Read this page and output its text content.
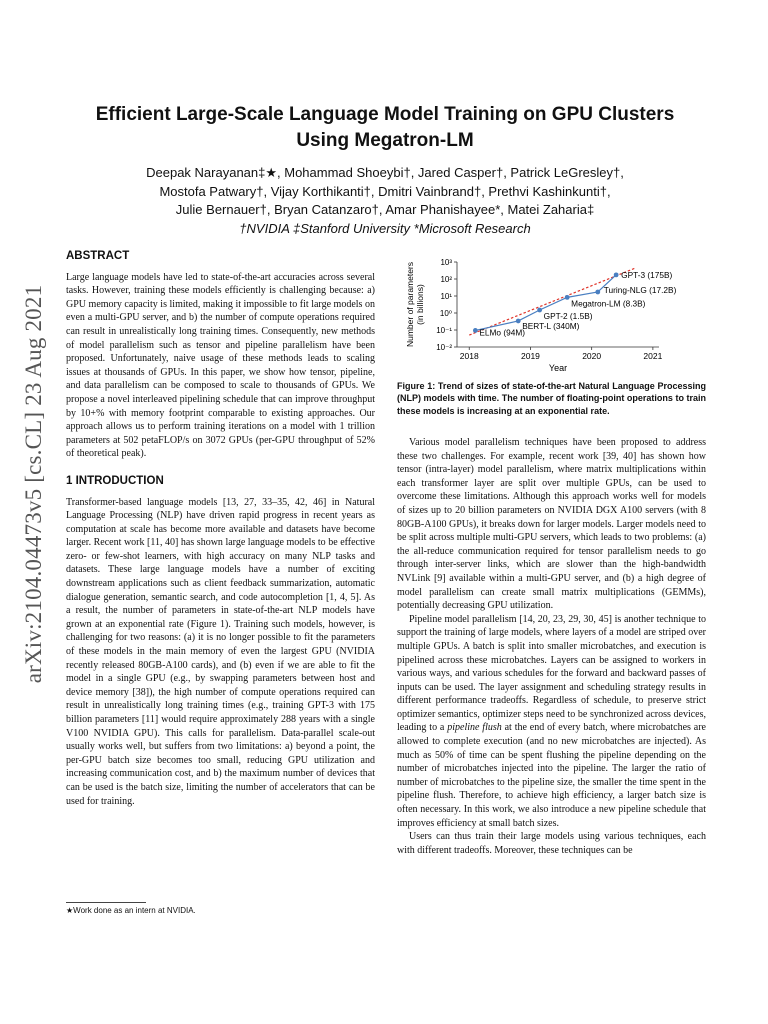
arXiv:2104.04473v5 [cs.CL] 23 Aug 2021
Efficient Large-Scale Language Model Training on GPU Clusters
Using Megatron-LM
Deepak Narayanan‡★, Mohammad Shoeybi†, Jared Casper†, Patrick LeGresley†,
Mostofa Patwary†, Vijay Korthikanti†, Dmitri Vainbrand†, Prethvi Kashinkunti†,
Julie Bernauer†, Bryan Catanzaro†, Amar Phanishayee*, Matei Zaharia‡
†NVIDIA ‡Stanford University *Microsoft Research
ABSTRACT

Large language models have led to state-of-the-art accuracies across several tasks. However, training these models efficiently is challenging because: a) GPU memory capacity is limited, making it impossible to fit large models on even a multi-GPU server, and b) the number of compute operations required can result in unrealistically long training times. Consequently, new methods of model parallelism such as tensor and pipeline parallelism have been proposed. Unfortunately, naive usage of these methods leads to scaling issues at thousands of GPUs. In this paper, we show how tensor, pipeline, and data parallelism can be composed to scale to thousands of GPUs. We propose a novel interleaved pipelining schedule that can improve throughput by 10+% with memory footprint comparable to existing approaches. Our approach allows us to perform training iterations on a model with 1 trillion parameters at 502 petaFLOP/s on 3072 GPUs (per-GPU throughput of 52% of theoretical peak).

1 INTRODUCTION

Transformer-based language models [13, 27, 33–35, 42, 46] in Natural Language Processing (NLP) have driven rapid progress in recent years as computation at scale has become more available and datasets have become larger. Recent work [11, 40] has shown large language models to be effective zero- or few-shot learners, with high accuracy on many NLP tasks and datasets. These large language models have a number of exciting downstream applications such as client feedback summarization, automatic dialogue generation, semantic search, and code autocompletion [1, 4, 5]. As a result, the number of parameters in state-of-the-art NLP models have grown at an exponential rate (Figure 1). Training such models, however, is challenging for two reasons: (a) it is no longer possible to fit the parameters of these models in the main memory of even the largest GPU (NVIDIA recently released 80GB-A100 cards), and (b) even if we are able to fit the model in a single GPU (e.g., by swapping parameters between host and device memory [38]), the high number of compute operations required can result in unrealistically long training times (e.g., training GPT-3 with 175 billion parameters [11] would require approximately 288 years with a single V100 NVIDIA GPU). This calls for parallelism. Data-parallel scale-out usually works well, but suffers from two limitations: a) beyond a point, the per-GPU batch size becomes too small, reducing GPU utilization and increasing communication cost, and b) the maximum number of devices that can be used is the batch size, limiting the number of accelerators that can be used for training.

★Work done as an intern at NVIDIA.
10⁻²
10⁻¹
10⁰
10¹
10²
10³
2018	2019	2020	2021
ELMo (94M)
BERT-L (340M)
GPT-2 (1.5B)
Megatron-LM (8.3B)
Turing-NLG (17.2B)
GPT-3 (175B)
Number of parameters (in billions)
Year
Figure 1: Trend of sizes of state-of-the-art Natural Language Processing (NLP) models with time. The number of floating-point operations to train these models is increasing at an exponential rate.

Various model parallelism techniques have been proposed to address these two challenges. For example, recent work [39, 40] has shown how tensor (intra-layer) model parallelism, where matrix multiplications within each transformer layer are split over multiple GPUs, can be used to overcome these limitations. Although this approach works well for models of sizes up to 20 billion parameters on NVIDIA DGX A100 servers (with 8 80GB-A100 GPUs), it breaks down for larger models. Larger models need to be split across multiple multi-GPU servers, which leads to two problems: (a) the all-reduce communication required for tensor parallelism needs to go through inter-server links, which are slower than the high-bandwidth NVLink [9] available within a multi-GPU server, and (b) a high degree of model parallelism can create small matrix multiplications (GEMMs), potentially decreasing GPU utilization.

Pipeline model parallelism [14, 20, 23, 29, 30, 45] is another technique to support the training of large models, where layers of a model are striped over multiple GPUs. A batch is split into smaller microbatches, and execution is pipelined across these microbatches. Layers can be assigned to workers in various ways, and various schedules for the forward and backward passes of inputs can be used. The layer assignment and scheduling strategy results in different performance tradeoffs. Regardless of schedule, to preserve strict optimizer semantics, optimizer steps need to be synchronized across devices, leading to a pipeline flush at the end of every batch, where microbatches are allowed to complete execution (and no new microbatches are injected). As much as 50% of time can be spent flushing the pipeline depending on the number of microbatches injected into the pipeline. The larger the ratio of number of microbatches to the pipeline size, the smaller the time spent in the pipeline flush. Therefore, to achieve high efficiency, a larger batch size is often necessary. In this work, we also introduce a new pipeline schedule that improves efficiency at small batch sizes.

Users can thus train their large models using various techniques, each with different tradeoffs. Moreover, these techniques can be
